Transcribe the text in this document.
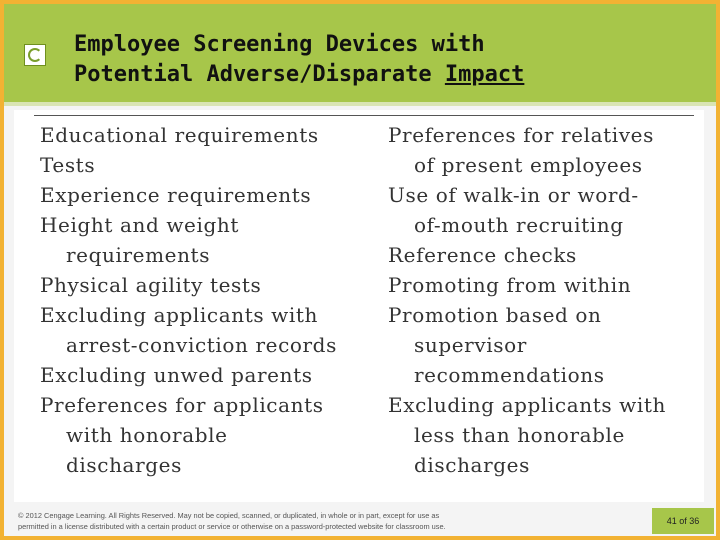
Employee Screening Devices with
Potential Adverse/Disparate Impact
Educational requirements
Tests
Experience requirements
Height and weight
requirements
Physical agility tests
Excluding applicants with
arrest-conviction records
Excluding unwed parents
Preferences for applicants
with honorable
discharges
Preferences for relatives
of present employees
Use of walk-in or word-
of-mouth recruiting
Reference checks
Promoting from within
Promotion based on
supervisor
recommendations
Excluding applicants with
less than honorable
discharges
© 2012 Cengage Learning. All Rights Reserved. May not be copied, scanned, or duplicated, in whole or in part, except for use as
permitted in a license distributed with a certain product or service or otherwise on a password-protected website for classroom use.
41 of 36
